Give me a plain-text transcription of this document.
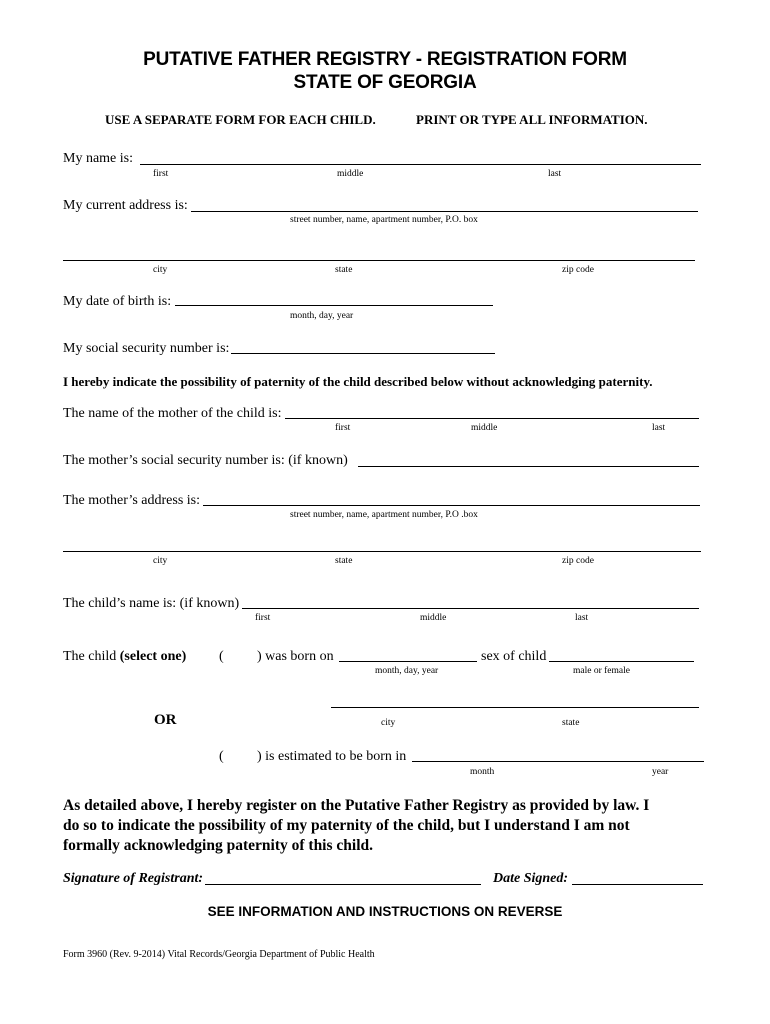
PUTATIVE FATHER REGISTRY - REGISTRATION FORM
STATE OF GEORGIA
USE A SEPARATE FORM FOR EACH CHILD.	PRINT OR TYPE ALL INFORMATION.
My name is:
first	middle	last
My current address is:
street number, name, apartment number, P.O. box
city	state	zip code
My date of birth is:
month, day, year
My social security number is:
I hereby indicate the possibility of paternity of the child described below without acknowledging paternity.
The name of the mother of the child is:
first	middle	last
The mother’s social security number is: (if known)
The mother’s address is:
street number, name, apartment number, P.O .box
city	state	zip code
The child’s name is: (if known)
first	middle	last
The child (select one) ( ) was born on
month, day, year
sex of child
male or female
OR	city	state
( ) is estimated to be born in
month	year
As detailed above, I hereby register on the Putative Father Registry as provided by law. I
do so to indicate the possibility of my paternity of the child, but I understand I am not
formally acknowledging paternity of this child.
Signature of Registrant:	Date Signed:
SEE INFORMATION AND INSTRUCTIONS ON REVERSE
Form 3960 (Rev. 9-2014) Vital Records/Georgia Department of Public Health
